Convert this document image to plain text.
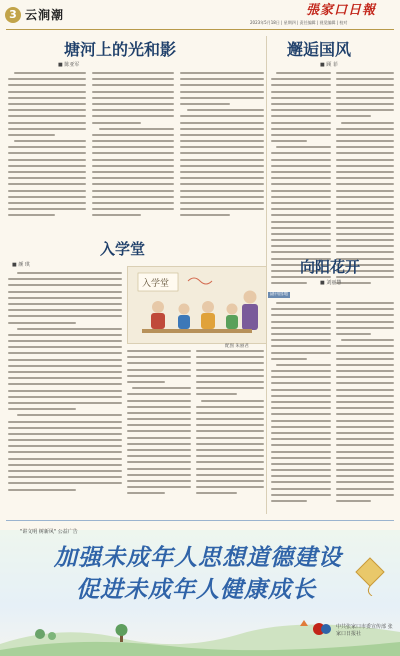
3 云涧潮	張家口日報
2023年5月18日 | 星期四 | 责任编辑 | 视觉编辑 | 校对
塘河上的光和影
■ 陈亚军
邂逅国风
■ 顾 菲
入学堂
■ 颜 琪
入学堂
配图 朱丽君
副刊园地
向阳花开
■ 刘丽慧
"讲文明 树新风" 公益广告
加强未成年人思想道德建设
促进未成年人健康成长
中共张家口市委宣传部 张家口日报社
